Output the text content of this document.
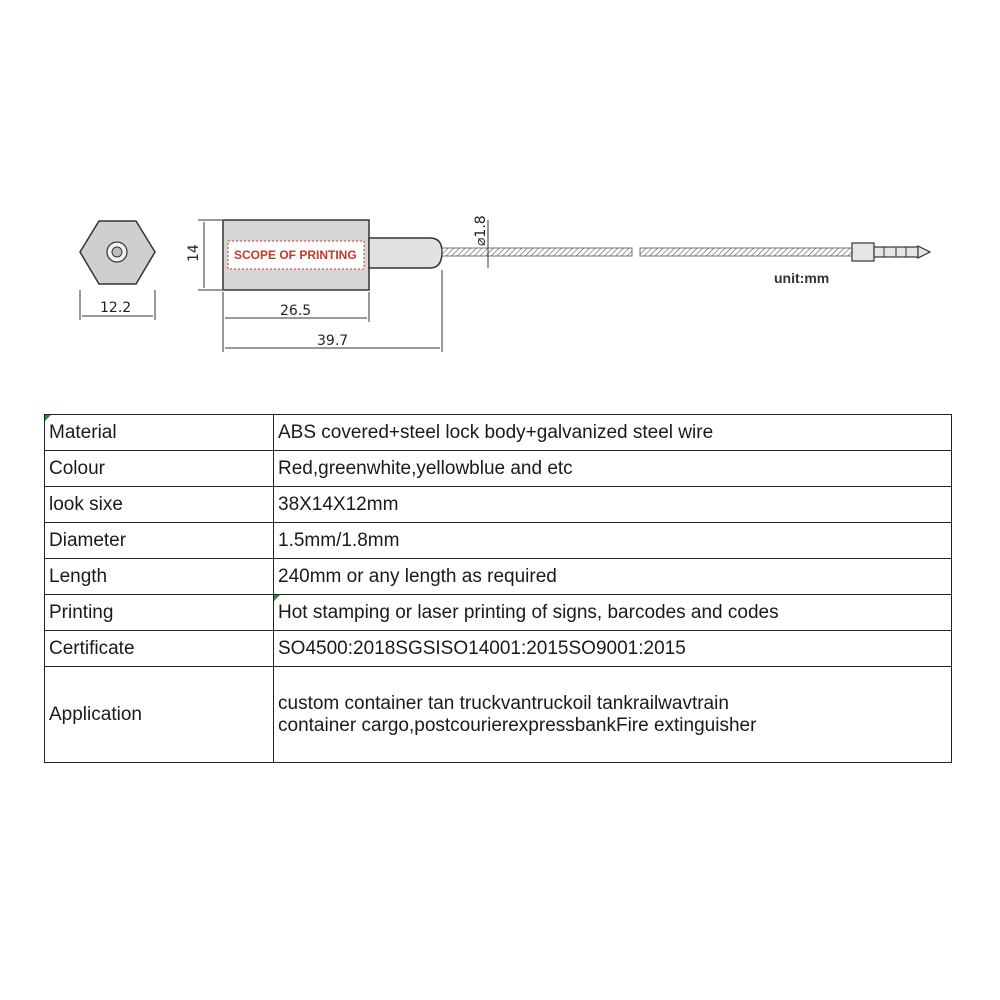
12.2
14	SCOPE OF PRINTING
⌀1.8
unit:mm
26.5
39.7
Material	ABS covered+steel lock body+galvanized steel wire
Colour	Red,greenwhite,yellowblue and etc
look sixe	38X14X12mm
Diameter	1.5mm/1.8mm
Length	240mm or any length as required
Printing	Hot stamping or laser printing of signs, barcodes and codes
Certificate	SO4500:2018SGSISO14001:2015SO9001:2015
Application	custom container tan truckvantruckoil tankrailwavtrain
container cargo,postcourierexpressbankFire extinguisher
